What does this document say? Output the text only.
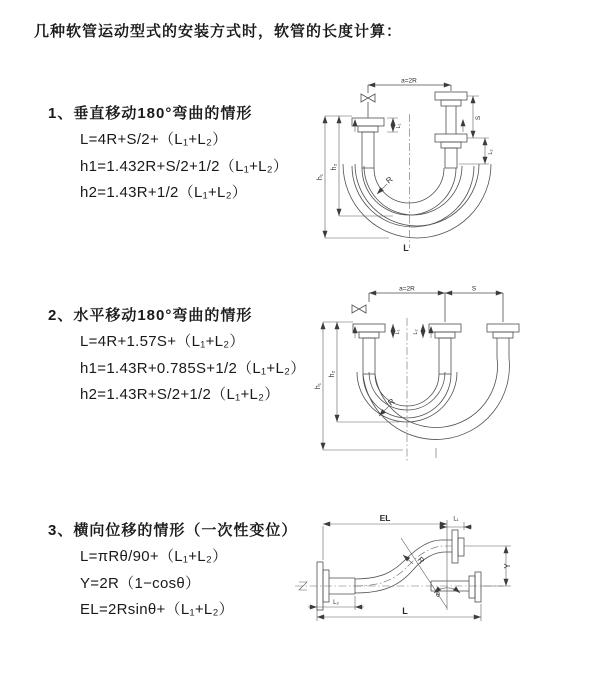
几种软管运动型式的安装方式时，软管的长度计算：
1、垂直移动180°弯曲的情形
L=4R+S/2+（L₁+L₂）
h1=1.432R+S/2+1/2（L₁+L₂）
h2=1.43R+1/2（L₁+L₂）
2、水平移动180°弯曲的情形
L=4R+1.57S+（L₁+L₂）
h1=1.43R+0.785S+1/2（L₁+L₂）
h2=1.43R+S/2+1/2（L₁+L₂）
3、横向位移的情形（一次性变位）
L=πRθ/90+（L₁+L₂）
Y=2R（1−cosθ）
EL=2Rsinθ+（L₁+L₂）
a=2R
h₁
h₂
S
L₂
L₁
R
L
a=2R	S
h₁
h₂
L₁ L₂
R
θ
EL	L₁
Y
R
L₂
L
